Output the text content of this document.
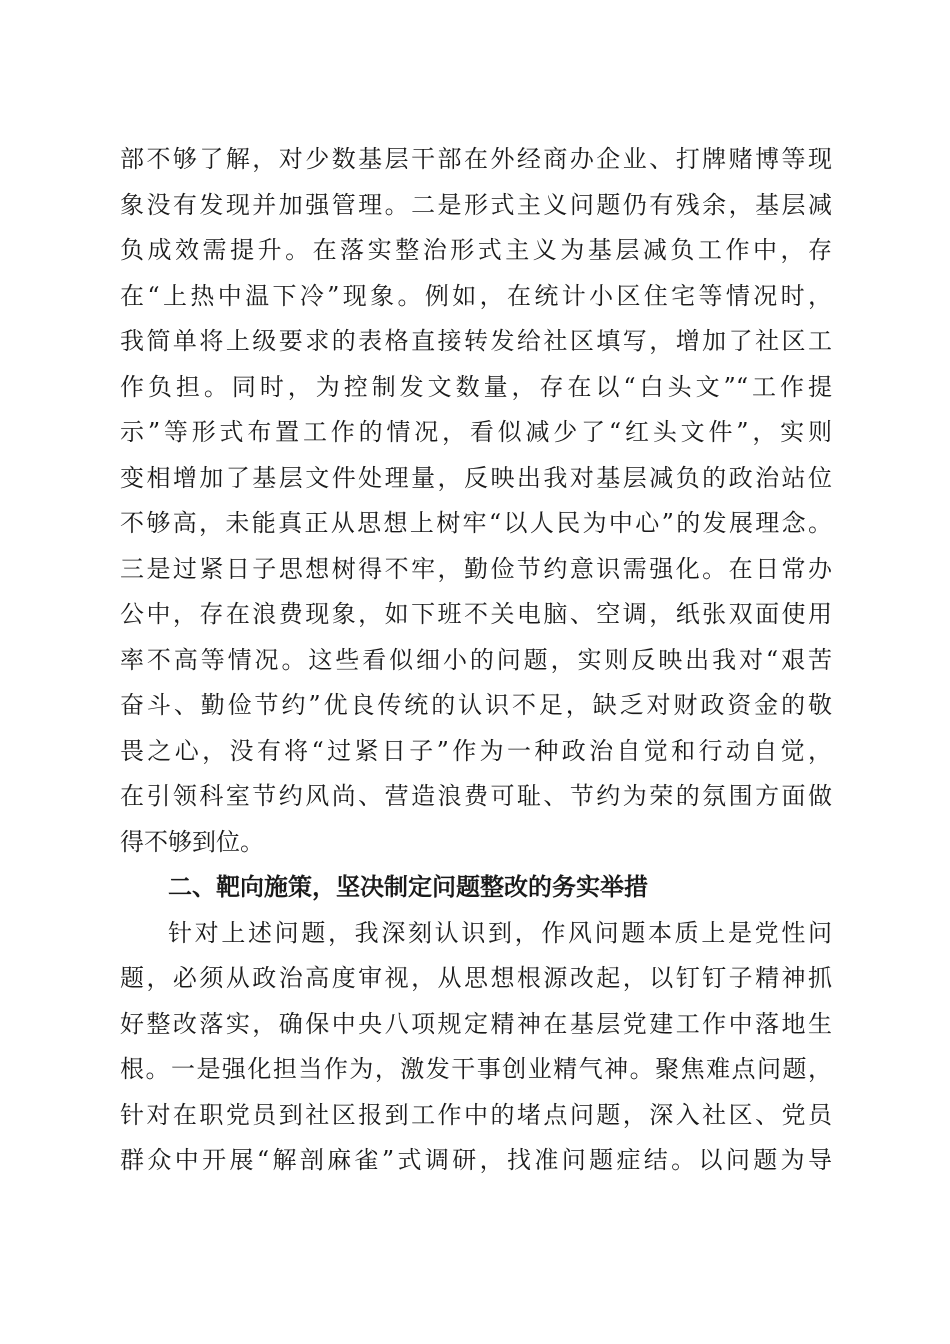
部不够了解，对少数基层干部在外经商办企业、打牌赌博等现
象没有发现并加强管理。二是形式主义问题仍有残余，基层减
负成效需提升。在落实整治形式主义为基层减负工作中，存
在“上热中温下冷”现象。例如，在统计小区住宅等情况时，
我简单将上级要求的表格直接转发给社区填写，增加了社区工
作负担。同时，为控制发文数量，存在以“白头文”“工作提
示”等形式布置工作的情况，看似减少了“红头文件”，实则
变相增加了基层文件处理量，反映出我对基层减负的政治站位
不够高，未能真正从思想上树牢“以人民为中心”的发展理念。
三是过紧日子思想树得不牢，勤俭节约意识需强化。在日常办
公中，存在浪费现象，如下班不关电脑、空调，纸张双面使用
率不高等情况。这些看似细小的问题，实则反映出我对“艰苦
奋斗、勤俭节约”优良传统的认识不足，缺乏对财政资金的敬
畏之心，没有将“过紧日子”作为一种政治自觉和行动自觉，
在引领科室节约风尚、营造浪费可耻、节约为荣的氛围方面做
得不够到位。
二、靶向施策，坚决制定问题整改的务实举措
针对上述问题，我深刻认识到，作风问题本质上是党性问
题，必须从政治高度审视，从思想根源改起，以钉钉子精神抓
好整改落实，确保中央八项规定精神在基层党建工作中落地生
根。一是强化担当作为，激发干事创业精气神。聚焦难点问题，
针对在职党员到社区报到工作中的堵点问题，深入社区、党员
群众中开展“解剖麻雀”式调研，找准问题症结。以问题为导
